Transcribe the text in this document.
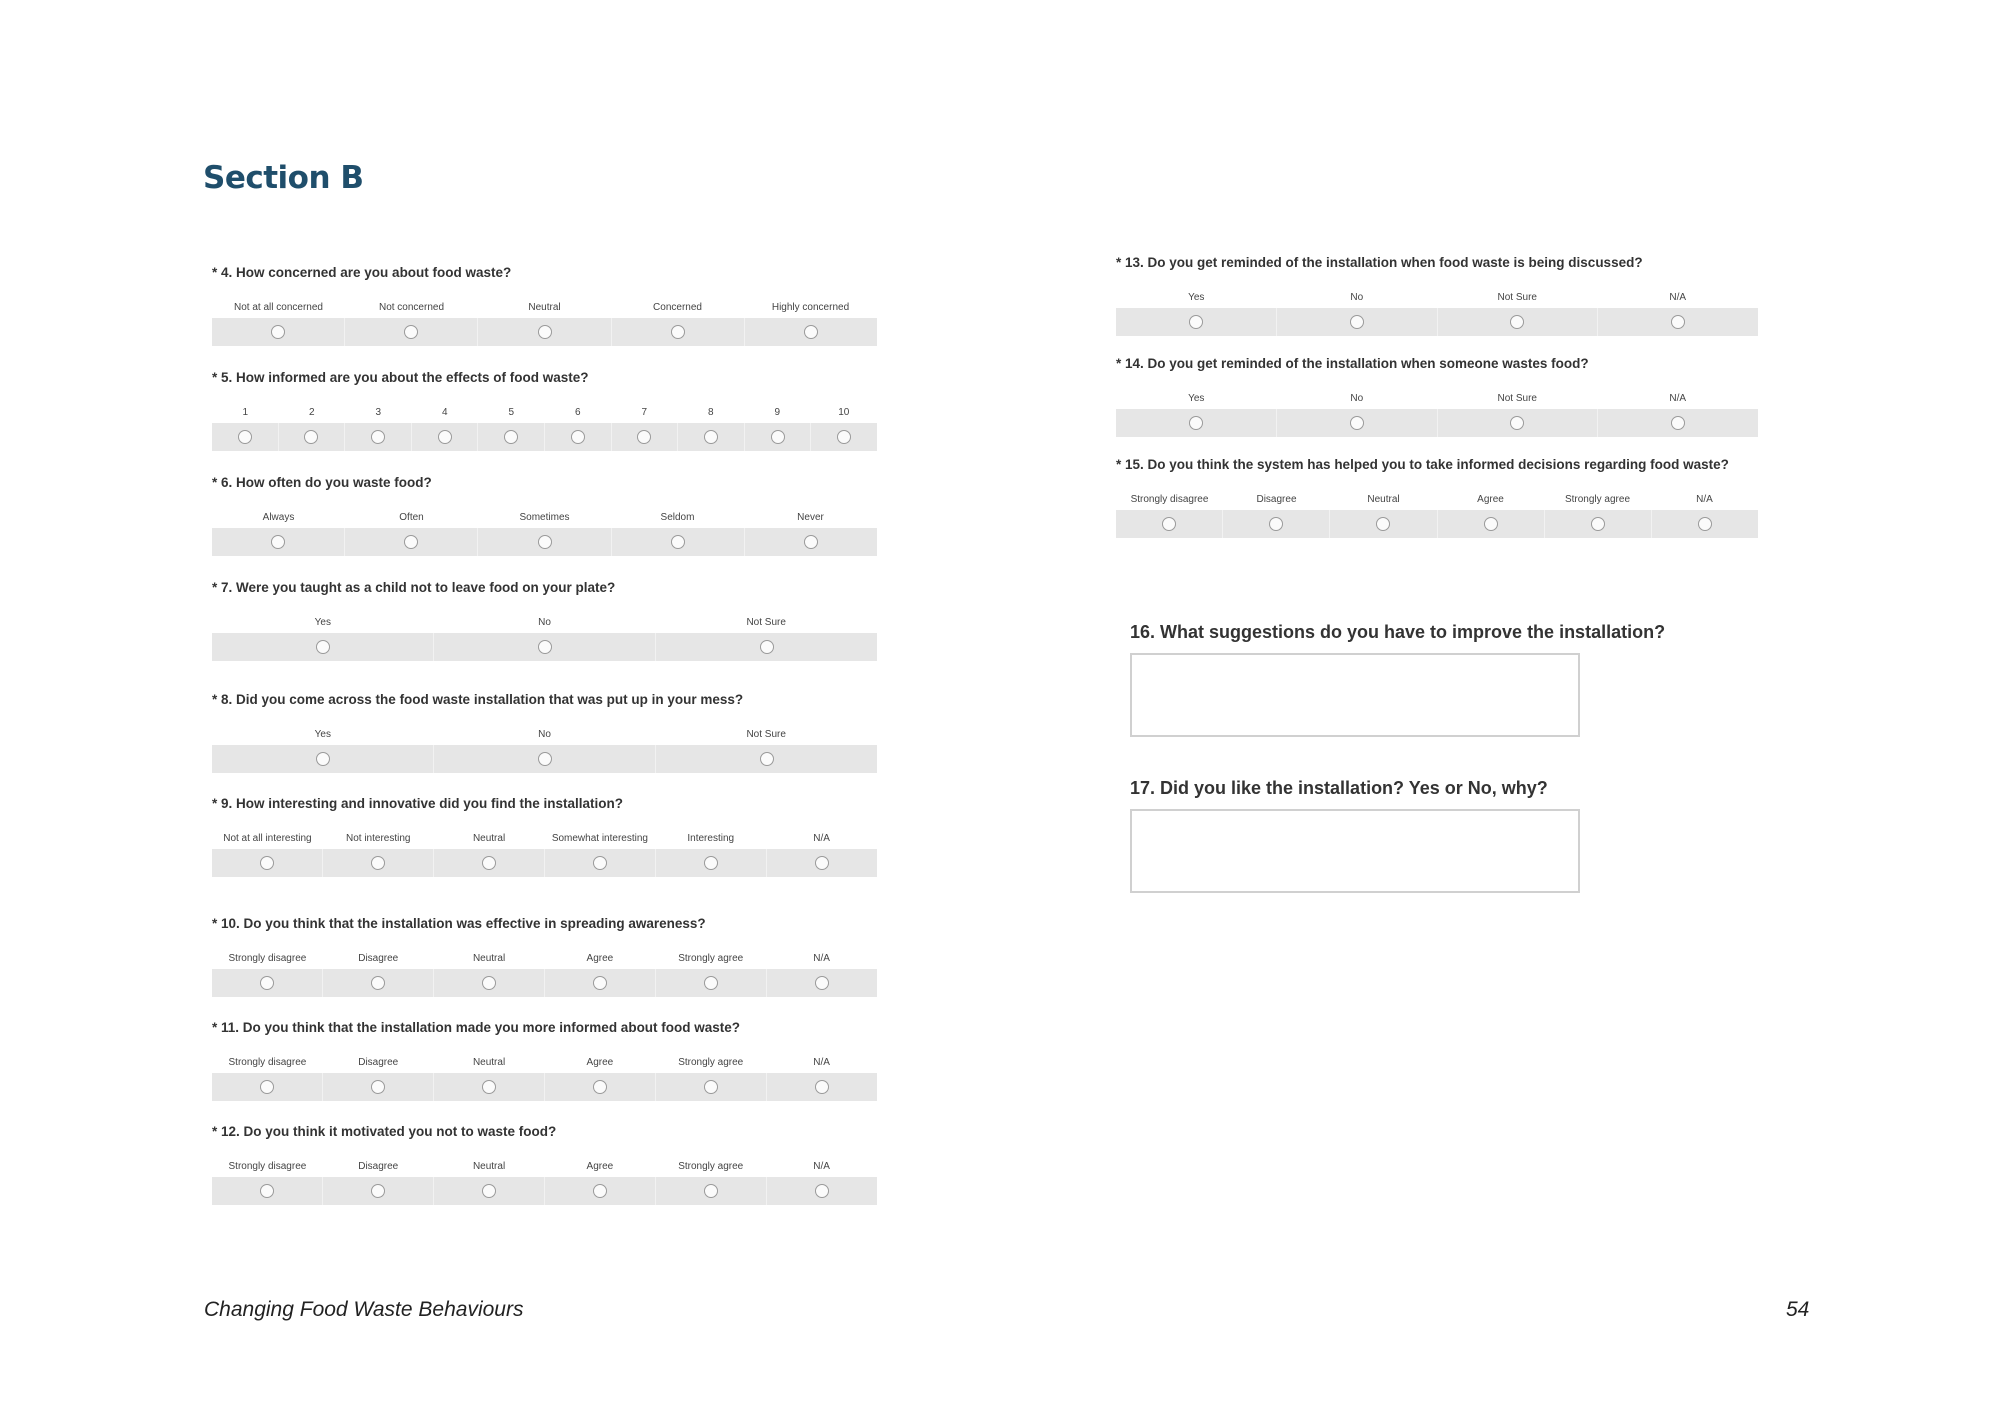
Section B
Changing Food Waste Behaviours	54
* 4. How concerned are you about food waste?
Not at all concerned	Not concerned	Neutral	Concerned	Highly concerned
* 5. How informed are you about the effects of food waste?
1	2	3	4	5	6	7	8	9	10
* 6. How often do you waste food?
Always	Often	Sometimes	Seldom	Never
* 7. Were you taught as a child not to leave food on your plate?
Yes	No	Not Sure
* 8. Did you come across the food waste installation that was put up in your mess?
Yes	No	Not Sure
* 9. How interesting and innovative did you find the installation?
Not at all interesting	Not interesting	Neutral	Somewhat interesting	Interesting	N/A
* 10. Do you think that the installation was effective in spreading awareness?
Strongly disagree	Disagree	Neutral	Agree	Strongly agree	N/A
* 11. Do you think that the installation made you more informed about food waste?
Strongly disagree	Disagree	Neutral	Agree	Strongly agree	N/A
* 12. Do you think it motivated you not to waste food?
Strongly disagree	Disagree	Neutral	Agree	Strongly agree	N/A
* 13. Do you get reminded of the installation when food waste is being discussed?
Yes	No	Not Sure	N/A
* 14. Do you get reminded of the installation when someone wastes food?
Yes	No	Not Sure	N/A
* 15. Do you think the system has helped you to take informed decisions regarding food waste?
Strongly disagree	Disagree	Neutral	Agree	Strongly agree	N/A
16. What suggestions do you have to improve the installation?
17. Did you like the installation? Yes or No, why?
